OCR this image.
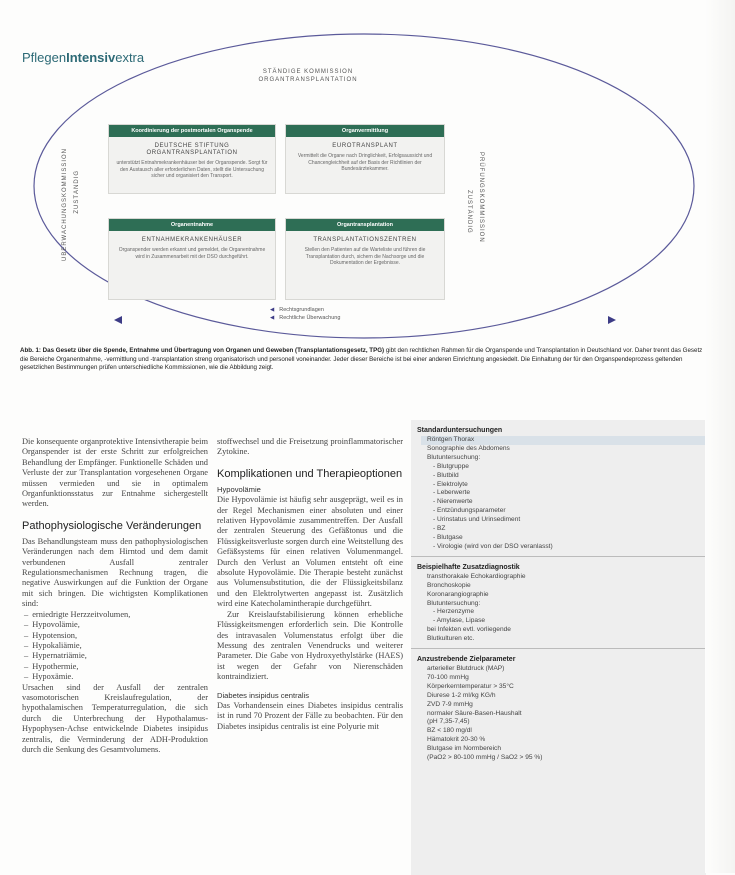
PflegenIntensivextra
STÄNDIGE KOMMISSION
ORGANTRANSPLANTATION
ÜBERWACHUNGSKOMMISSION ZUSTÄNDIG	PRÜFUNGSKOMMISSION
ZUSTÄNDIG
Koordinierung der postmortalen Organspende
DEUTSCHE STIFTUNG
ORGANTRANSPLANTATION
unterstützt Entnahmekrankenhäuser bei der Organspende. Sorgt für den Austausch aller erforderlichen Daten, stellt die Untersuchung sicher und organisiert den Transport.
Organvermittlung
EUROTRANSPLANT
Vermittelt die Organe nach Dringlichkeit, Erfolgsaussicht und Chancengleichheit auf der Basis der Richtlinien der Bundesärztekammer.
Organentnahme
ENTNAHMEKRANKENHÄUSER
Organspender werden erkannt und gemeldet, die Organentnahme wird in Zusammenarbeit mit der DSO durchgeführt.
Organtransplantation
TRANSPLANTATIONSZENTREN
Stellen den Patienten auf die Warteliste und führen die Transplantation durch, sichern die Nachsorge und die Dokumentation der Ergebnisse.
◀ Rechtsgrundlagen
◀ Rechtliche Überwachung
Abb. 1: Das Gesetz über die Spende, Entnahme und Übertragung von Organen und Geweben (Transplantationsgesetz, TPG) gibt den rechtlichen Rahmen für die Organspende und Transplantation in Deutschland vor. Daher trennt das Gesetz die Bereiche Organentnahme, -vermittlung und -transplantation streng organisatorisch und personell voneinander. Jeder dieser Bereiche ist bei einer anderen Einrichtung angesiedelt. Die Einhaltung der für den Organspendeprozess geltenden gesetzlichen Bestimmungen prüfen unterschiedliche Kommissionen, wie die Abbildung zeigt.

Die konsequente organprotektive Intensivtherapie beim Organspender ist der erste Schritt zur erfolgreichen Behandlung der Empfänger. Funktionelle Schäden und Verluste der zur Transplantation vorgesehenen Organe müssen vermieden und sie in optimalem Organfunktionsstatus zur Entnahme sichergestellt werden.

Pathophysiologische Veränderungen

Das Behandlungsteam muss den pathophysiologischen Veränderungen nach dem Hirntod und dem damit verbundenen Ausfall zentraler Regulationsmechanismen Rechnung tragen, die negative Auswirkungen auf die Funktion der Organe mit sich bringen. Die wichtigsten Komplikationen sind:

– erniedrigte Herzzeitvolumen,
– Hypovolämie,
– Hypotension,
– Hypokaliämie,
– Hypernatriämie,
– Hypothermie,
– Hypoxämie.

Ursachen sind der Ausfall der zentralen vasomotorischen Kreislaufregulation, der hypothalamischen Temperaturregulation, die sich durch die Unterbrechung der Hypothalamus-Hypophysen-Achse entwickelnde Diabetes insipidus zentralis, die Verminderung der ADH-Produktion durch die Senkung des Gesamtvolumens.

stoffwechsel und die Freisetzung proinflammatorischer Zytokine.

Komplikationen und Therapieoptionen
Hypovolämie

Die Hypovolämie ist häufig sehr ausgeprägt, weil es in der Regel Mechanismen einer absoluten und einer relativen Hypovolämie zusammentreffen. Der Ausfall der zentralen Steuerung des Gefäßtonus und die Flüssigkeitsverluste sorgen durch eine Weitstellung des Gefäßsystems für einen relativen Volumenmangel. Durch den Verlust an Volumen entsteht oft eine absolute Hypovolämie. Die Therapie besteht zunächst aus Volumensubstitution, die der Flüssigkeitsbilanz und den Elektrolytwerten angepasst ist. Zusätzlich wird eine Katecholamintherapie durchgeführt.

Zur Kreislaufstabilisierung können erhebliche Flüssigkeitsmengen erforderlich sein. Die Kontrolle des intravasalen Volumenstatus erfolgt über die Messung des zentralen Venendrucks und weiterer Parameter. Die Gabe von Hydroxyethylstärke (HAES) ist wegen der Gefahr von Nierenschäden kontraindiziert.

Diabetes insipidus centralis

Das Vorhandensein eines Diabetes insipidus centralis ist in rund 70 Prozent der Fälle zu beobachten. Für den Diabetes insipidus centralis ist eine Polyurie mit

Standarduntersuchungen
Röntgen Thorax
Sonographie des Abdomens
Blutuntersuchung:
- Blutgruppe
- Blutbild
- Elektrolyte
- Leberwerte
- Nierenwerte
- Entzündungsparameter
- Urinstatus und Urinsediment
- BZ
- Blutgase
- Virologie (wird von der DSO veranlasst)
Beispielhafte Zusatzdiagnostik
transthorakale Echokardiographie
Bronchoskopie
Koronarangiographie
Blutuntersuchung:
- Herzenzyme
- Amylase, Lipase
bei Infekten evtl. vorliegende
Blutkulturen etc.
Anzustrebende Zielparameter
arterieller Blutdruck (MAP)
70-100 mmHg
Körperkerntemperatur > 35°C
Diurese 1-2 ml/kg KG/h
ZVD 7-9 mmHg
normaler Säure-Basen-Haushalt
(pH 7,35-7,45)
BZ < 180 mg/dl
Hämatokrit 20-30 %
Blutgase im Normbereich
(PaO2 > 80-100 mmHg / SaO2 > 95 %)
